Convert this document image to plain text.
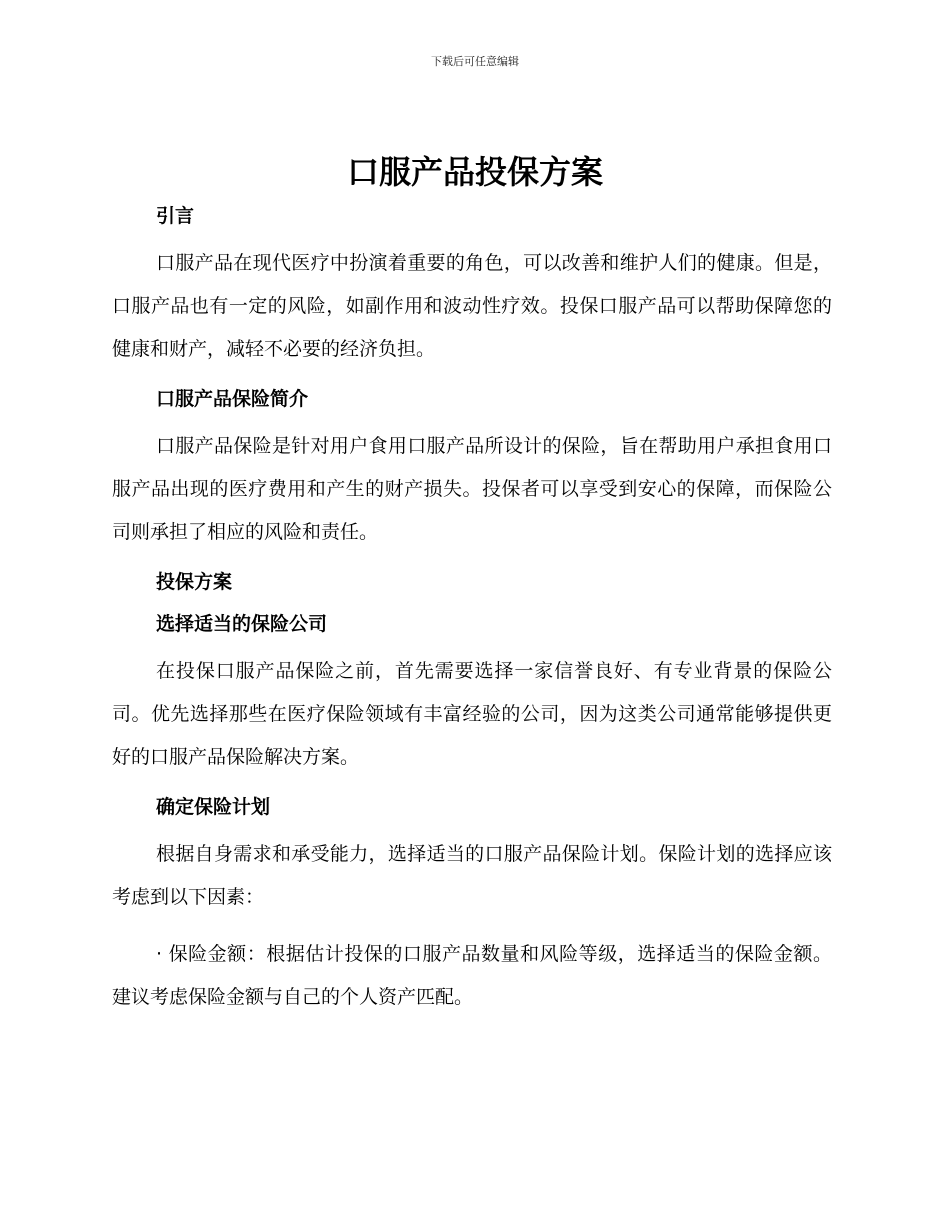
下载后可任意编辑
口服产品投保方案
引言

口服产品在现代医疗中扮演着重要的角色，可以改善和维护人们的健康。但是，口服产品也有一定的风险，如副作用和波动性疗效。投保口服产品可以帮助保障您的健康和财产，减轻不必要的经济负担。

口服产品保险简介

口服产品保险是针对用户食用口服产品所设计的保险，旨在帮助用户承担食用口服产品出现的医疗费用和产生的财产损失。投保者可以享受到安心的保障，而保险公司则承担了相应的风险和责任。

投保方案
选择适当的保险公司

在投保口服产品保险之前，首先需要选择一家信誉良好、有专业背景的保险公司。优先选择那些在医疗保险领域有丰富经验的公司，因为这类公司通常能够提供更好的口服产品保险解决方案。

确定保险计划

根据自身需求和承受能力，选择适当的口服产品保险计划。保险计划的选择应该考虑到以下因素：

· 保险金额：根据估计投保的口服产品数量和风险等级，选择适当的保险金额。建议考虑保险金额与自己的个人资产匹配。
